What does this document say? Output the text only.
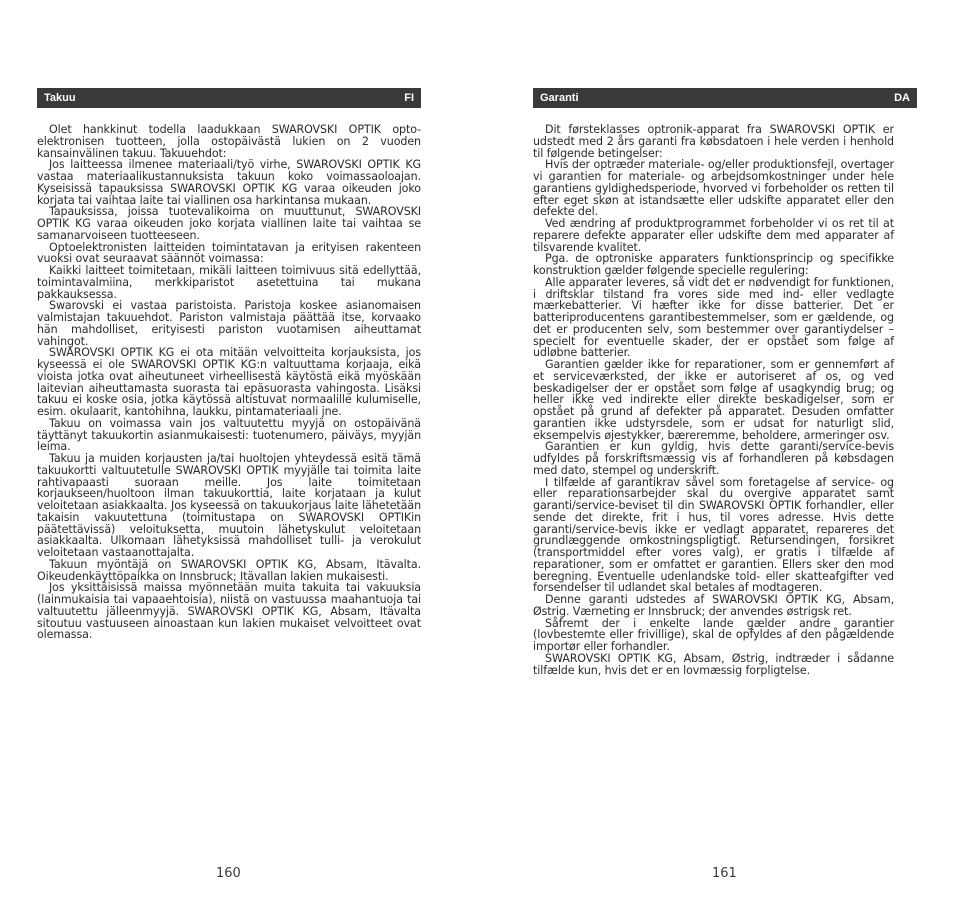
Takuu	FI

Olet hankkinut todella laadukkaan SWAROVSKI OPTIK opto-elektronisen tuotteen, jolla ostopäivästä lukien on 2 vuoden kansainvälinen takuu. Takuuehdot:

Jos laitteessa ilmenee materiaali/työ virhe, SWAROVSKI OPTIK KG vastaa materiaalikustannuksista takuun koko voimassaoloajan. Kyseisissä tapauksissa SWAROVSKI OPTIK KG varaa oikeuden joko korjata tai vaihtaa laite tai viallinen osa harkintansa mukaan.

Tapauksissa, joissa tuotevalikoima on muuttunut, SWAROVSKI OPTIK KG varaa oikeuden joko korjata viallinen laite tai vaihtaa se samanarvoiseen tuotteeseen.

Optoelektronisten laitteiden toimintatavan ja erityisen rakenteen vuoksi ovat seuraavat säännöt voimassa:

Kaikki laitteet toimitetaan, mikäli laitteen toimivuus sitä edellyttää, toimintavalmiina, merkkiparistot asetettuina tai mukana pakkauksessa.

Swarovski ei vastaa paristoista. Paristoja koskee asianomaisen valmistajan takuuehdot. Pariston valmistaja päättää itse, korvaako hän mahdolliset, erityisesti pariston vuotamisen aiheuttamat vahingot.

SWAROVSKI OPTIK KG ei ota mitään velvoitteita korjauksista, jos kyseessä ei ole SWAROVSKI OPTIK KG:n valtuuttama korjaaja, eikä vioista jotka ovat aiheutuneet virheellisestä käytöstä eikä myöskään laitevian aiheuttamasta suorasta tai epäsuorasta vahingosta. Lisäksi takuu ei koske osia, jotka käytössä altistuvat normaalille kulumiselle, esim. okulaarit, kantohihna, laukku, pintamateriaali jne.

Takuu on voimassa vain jos valtuutettu myyjä on ostopäivänä täyttänyt takuukortin asianmukaisesti: tuotenumero, päiväys, myyjän leima.

Takuu ja muiden korjausten ja/tai huoltojen yhteydessä esitä tämä takuukortti valtuutetulle SWAROVSKI OPTIK myyjälle tai toimita laite rahtivapaasti suoraan meille. Jos laite toimitetaan korjaukseen/huoltoon ilman takuukorttia, laite korjataan ja kulut veloitetaan asiakkaalta. Jos kyseessä on takuukorjaus laite lähetetään takaisin vakuutettuna (toimitustapa on SWAROVSKI OPTIKin päätettävissä) veloituksetta, muutoin lähetyskulut veloitetaan asiakkaalta. Ulkomaan lähetyksissä mahdolliset tulli- ja verokulut veloitetaan vastaanottajalta.

Takuun myöntäjä on SWAROVSKI OPTIK KG, Absam, Itävalta. Oikeudenkäyttöpaikka on Innsbruck; Itävallan lakien mukaisesti.

Jos yksittäisissä maissa myönnetään muita takuita tai vakuuksia (lainmukaisia tai vapaaehtoisia), niistä on vastuussa maahantuoja tai valtuutettu jälleenmyyjä. SWAROVSKI OPTIK KG, Absam, Itävalta sitoutuu vastuuseen ainoastaan kun lakien mukaiset velvoitteet ovat olemassa.

160
Garanti	DA

Dit førsteklasses optronik-apparat fra SWAROVSKI OPTIK er udstedt med 2 års garanti fra købsdatoen i hele verden i henhold til følgende betingelser:

Hvis der optræder materiale- og/eller produktionsfejl, overtager vi garantien for materiale- og arbejdsomkostninger under hele garantiens gyldighedsperiode, hvorved vi forbeholder os retten til efter eget skøn at istandsætte eller udskifte apparatet eller den defekte del.

Ved ændring af produktprogrammet forbeholder vi os ret til at reparere defekte apparater eller udskifte dem med apparater af tilsvarende kvalitet.

Pga. de optroniske apparaters funktionsprincip og specifikke konstruktion gælder følgende specielle regulering:

Alle apparater leveres, så vidt det er nødvendigt for funktionen, i driftsklar tilstand fra vores side med ind- eller vedlagte mærkebatterier. Vi hæfter ikke for disse batterier. Det er batteriproducentens garantibestemmelser, som er gældende, og det er producenten selv, som bestemmer over garantiydelser – specielt for eventuelle skader, der er opstået som følge af udløbne batterier.

Garantien gælder ikke for reparationer, som er gennemført af et serviceværksted, der ikke er autoriseret af os, og ved beskadigelser der er opstået som følge af usagkyndig brug; og heller ikke ved indirekte eller direkte beskadigelser, som er opstået på grund af defekter på apparatet. Desuden omfatter garantien ikke udstyrsdele, som er udsat for naturligt slid, eksempelvis øjestykker, bæreremme, beholdere, armeringer osv.

Garantien er kun gyldig, hvis dette garanti/service-bevis udfyldes på forskriftsmæssig vis af forhandleren på købsdagen med dato, stempel og underskrift.

I tilfælde af garantikrav såvel som foretagelse af service- og eller reparationsarbejder skal du overgive apparatet samt garanti/service-beviset til din SWAROVSKI OPTIK forhandler, eller sende det direkte, frit i hus, til vores adresse. Hvis dette garanti/service-bevis ikke er vedlagt apparatet, repareres det grundlæggende omkostningspligtigt. Retursendingen, forsikret (transportmiddel efter vores valg), er gratis i tilfælde af reparationer, som er omfattet er garantien. Ellers sker den mod beregning. Eventuelle udenlandske told- eller skatteafgifter ved forsendelser til udlandet skal betales af modtageren.

Denne garanti udstedes af SWAROVSKI OPTIK KG, Absam, Østrig. Værneting er Innsbruck; der anvendes østrigsk ret.

Såfremt der i enkelte lande gælder andre garantier (lovbestemte eller frivillige), skal de opfyldes af den pågældende importør eller forhandler.

SWAROVSKI OPTIK KG, Absam, Østrig, indtræder i sådanne tilfælde kun, hvis det er en lovmæssig forpligtelse.

161
